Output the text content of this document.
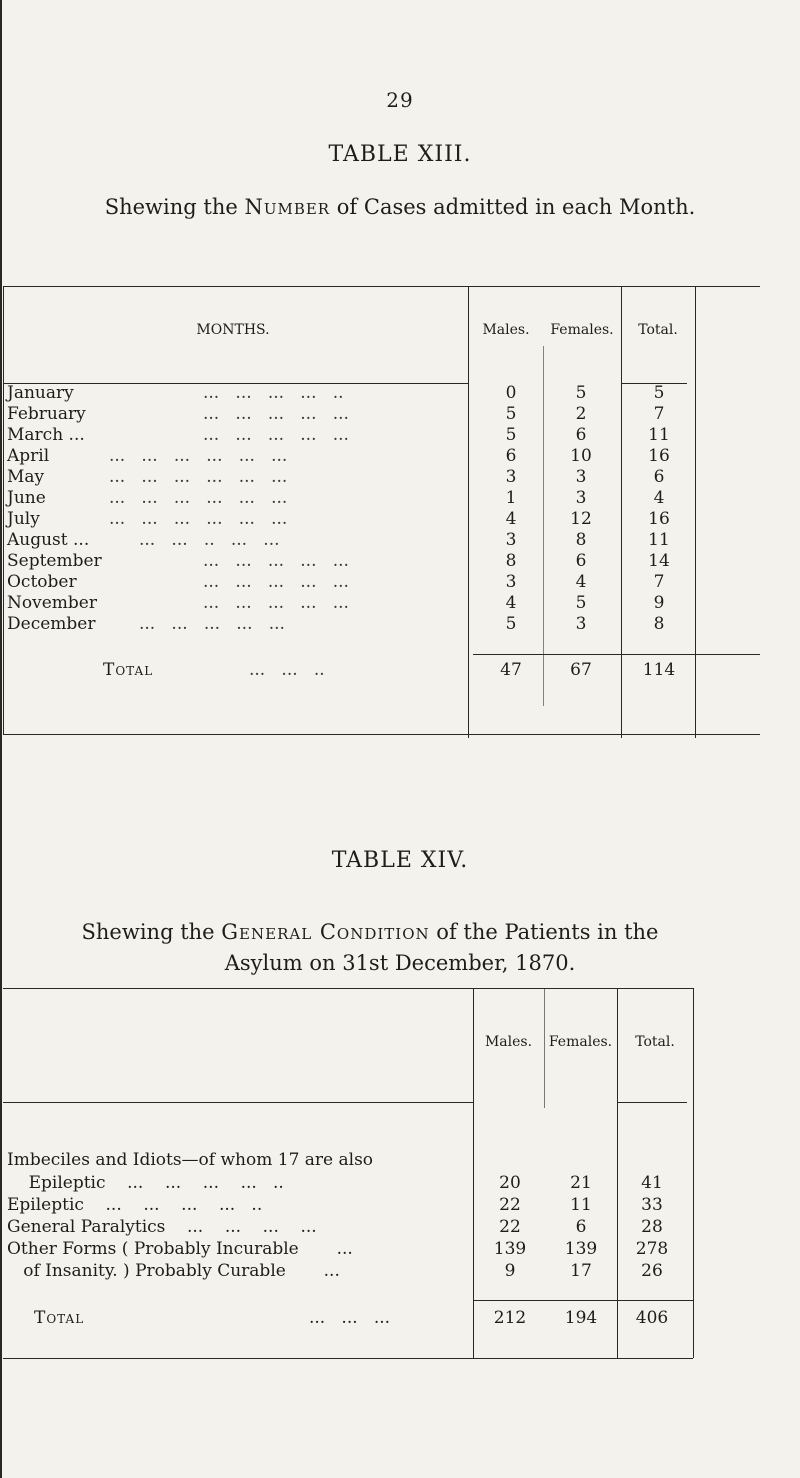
29
TABLE XIII.
Shewing the Number of Cases admitted in each Month.
MONTHS.	Males.	Females.	Total.
January	...   ...   ...   ...   ..	0	5	5
February	...   ...   ...   ...   ...	5	2	7
March ...	...   ...   ...   ...   ...	5	6	11
April	...   ...   ...   ...   ...   ...	6	10	16
May	...   ...   ...   ...   ...   ...	3	3	6
June	...   ...   ...   ...   ...   ...	1	3	4
July	...   ...   ...   ...   ...   ...	4	12	16
August ...	...   ...   ..   ...   ...	3	8	11
September	...   ...   ...   ...   ...	8	6	14
October	...   ...   ...   ...   ...	3	4	7
November	...   ...   ...   ...   ...	4	5	9
December	...   ...   ...   ...   ...	5	3	8
Total	...   ...   ..	47	67	114
TABLE XIV.
Shewing the General Condition of the Patients in the
Asylum on 31st December, 1870.
Males.	Females.	Total.
Imbeciles and Idiots—of whom 17 are also
Epileptic    ...    ...    ...    ...   ..	20	21	41
Epileptic    ...    ...    ...    ...   ..	22	11	33
General Paralytics    ...    ...    ...    ...	22	6	28
Other Forms ( Probably Incurable       ...	139	139	278
of Insanity. ) Probably Curable       ...	9	17	26
Total	...   ...   ...	212	194	406
